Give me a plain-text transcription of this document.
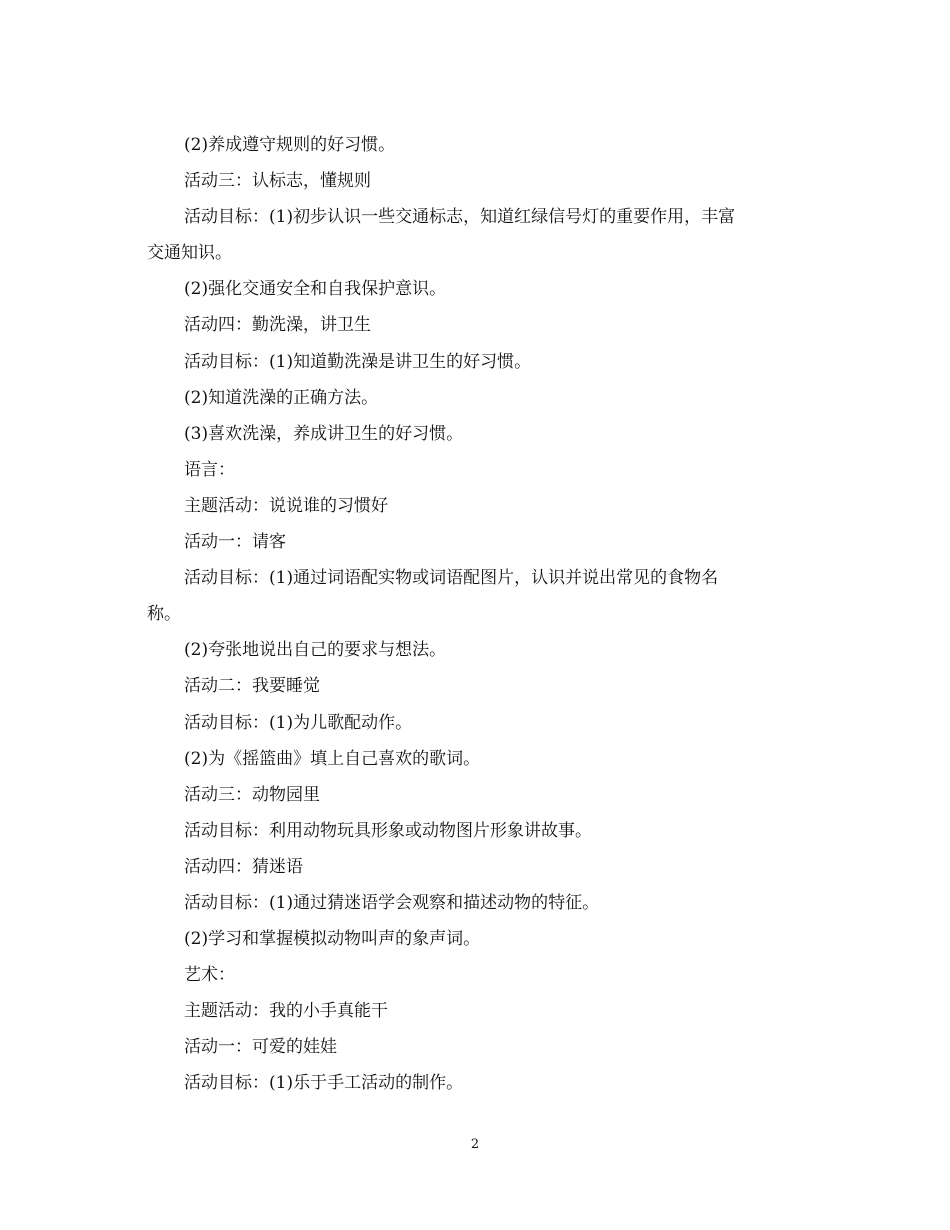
(2)养成遵守规则的好习惯。
活动三：认标志，懂规则
活动目标：(1)初步认识一些交通标志，知道红绿信号灯的重要作用，丰富
交通知识。
(2)强化交通安全和自我保护意识。
活动四：勤洗澡，讲卫生
活动目标：(1)知道勤洗澡是讲卫生的好习惯。
(2)知道洗澡的正确方法。
(3)喜欢洗澡，养成讲卫生的好习惯。
语言：
主题活动：说说谁的习惯好
活动一：请客
活动目标：(1)通过词语配实物或词语配图片，认识并说出常见的食物名
称。
(2)夸张地说出自己的要求与想法。
活动二：我要睡觉
活动目标：(1)为儿歌配动作。
(2)为《摇篮曲》填上自己喜欢的歌词。
活动三：动物园里
活动目标：利用动物玩具形象或动物图片形象讲故事。
活动四：猜迷语
活动目标：(1)通过猜迷语学会观察和描述动物的特征。
(2)学习和掌握模拟动物叫声的象声词。
艺术：
主题活动：我的小手真能干
活动一：可爱的娃娃
活动目标：(1)乐于手工活动的制作。
2
